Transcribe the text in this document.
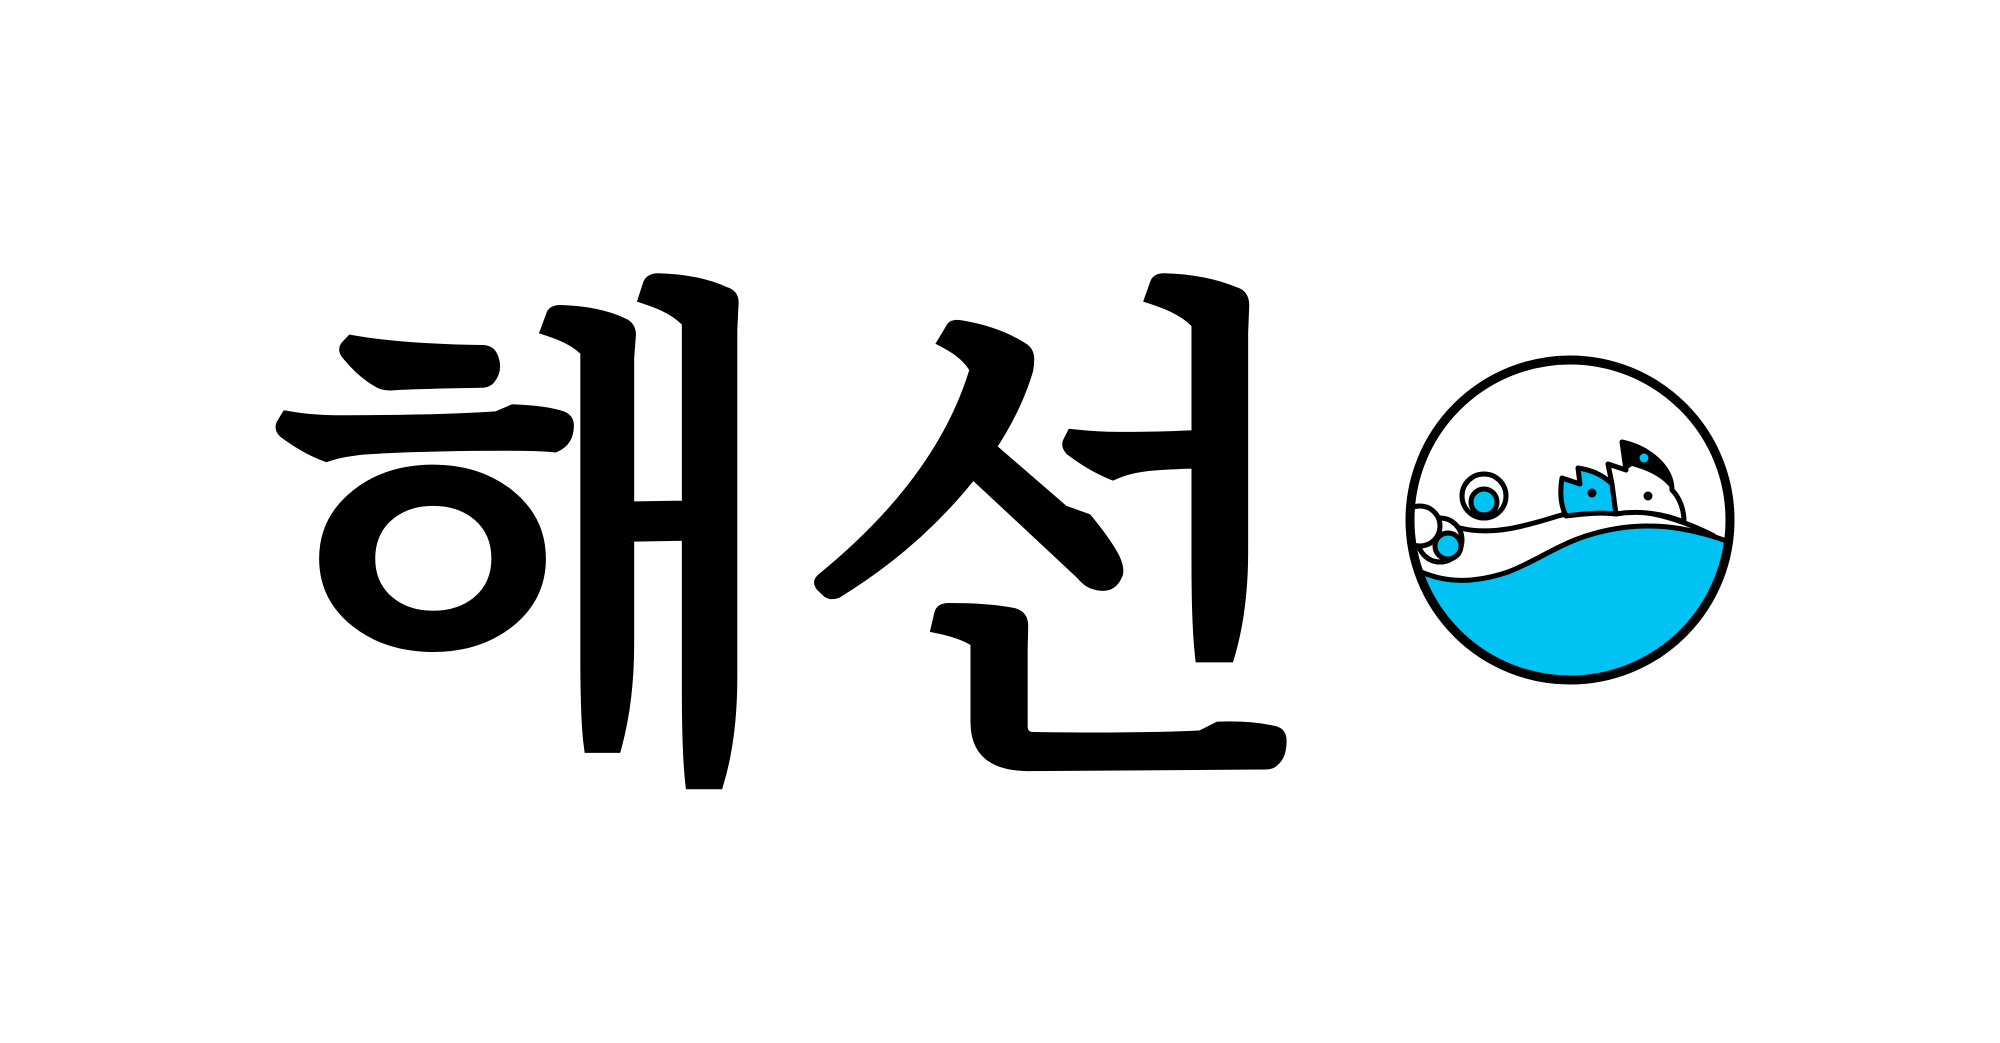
해선
